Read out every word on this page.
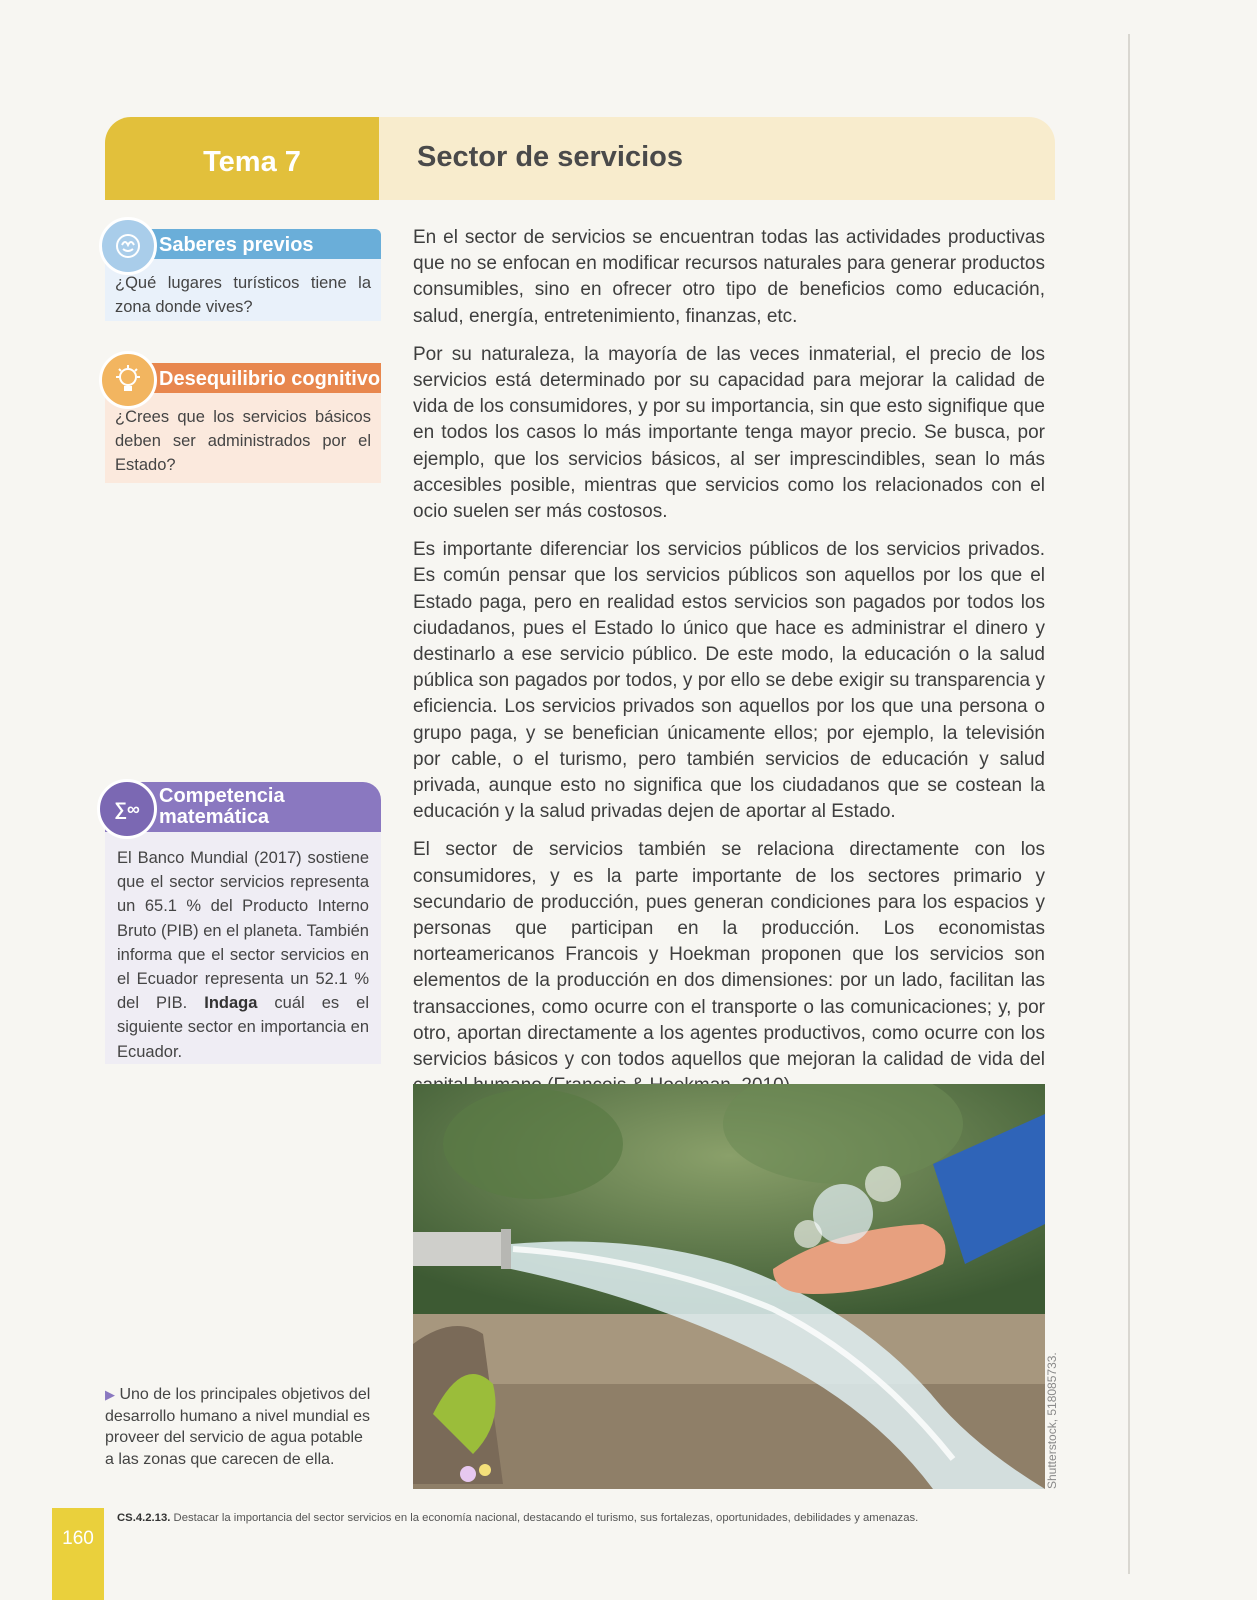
Tema 7	Sector de servicios
Saberes previos
¿Qué lugares turísticos tiene la zona donde vives?
Desequilibrio cognitivo
¿Crees que los servicios básicos deben ser administrados por el Estado?
∑∞
Competencia
matemática
El Banco Mundial (2017) sostiene que el sector servicios representa un 65.1 % del Producto Interno Bruto (PIB) en el planeta. También informa que el sector servicios en el Ecuador representa un 52.1 % del PIB. Indaga cuál es el siguiente sector en importancia en Ecuador.

En el sector de servicios se encuentran todas las actividades productivas que no se enfocan en modificar recursos naturales para generar productos consumibles, sino en ofrecer otro tipo de beneficios como educación, salud, energía, entretenimiento, finanzas, etc.

Por su naturaleza, la mayoría de las veces inmaterial, el precio de los servicios está determinado por su capacidad para mejorar la calidad de vida de los consumidores, y por su importancia, sin que esto signifique que en todos los casos lo más importante tenga mayor precio. Se busca, por ejemplo, que los servicios básicos, al ser imprescindibles, sean lo más accesibles posible, mientras que servicios como los relacionados con el ocio suelen ser más costosos.

Es importante diferenciar los servicios públicos de los servicios privados. Es común pensar que los servicios públicos son aquellos por los que el Estado paga, pero en realidad estos servicios son pagados por todos los ciudadanos, pues el Estado lo único que hace es administrar el dinero y destinarlo a ese servicio público. De este modo, la educación o la salud pública son pagados por todos, y por ello se debe exigir su transparencia y eficiencia. Los servicios privados son aquellos por los que una persona o grupo paga, y se benefician únicamente ellos; por ejemplo, la televisión por cable, o el turismo, pero también servicios de educación y salud privada, aunque esto no significa que los ciudadanos que se costean la educación y la salud privadas dejen de aportar al Estado.

El sector de servicios también se relaciona directamente con los consumidores, y es la parte importante de los sectores primario y secundario de producción, pues generan condiciones para los espacios y personas que participan en la producción. Los economistas norteamericanos Francois y Hoekman proponen que los servicios son elementos de la producción en dos dimensiones: por un lado, facilitan las transacciones, como ocurre con el transporte o las comunicaciones; y, por otro, aportan directamente a los agentes productivos, como ocurre con los servicios básicos y con todos aquellos que mejoran la calidad de vida del

Shutterstock, 518085733.
▶ Uno de los principales objetivos del desarrollo humano a nivel mundial es proveer del servicio de agua potable a las zonas que carecen de ella.
CS.4.2.13. Destacar la importancia del sector servicios en la economía nacional, destacando el turismo, sus fortalezas, oportunidades, debilidades y amenazas.
160
